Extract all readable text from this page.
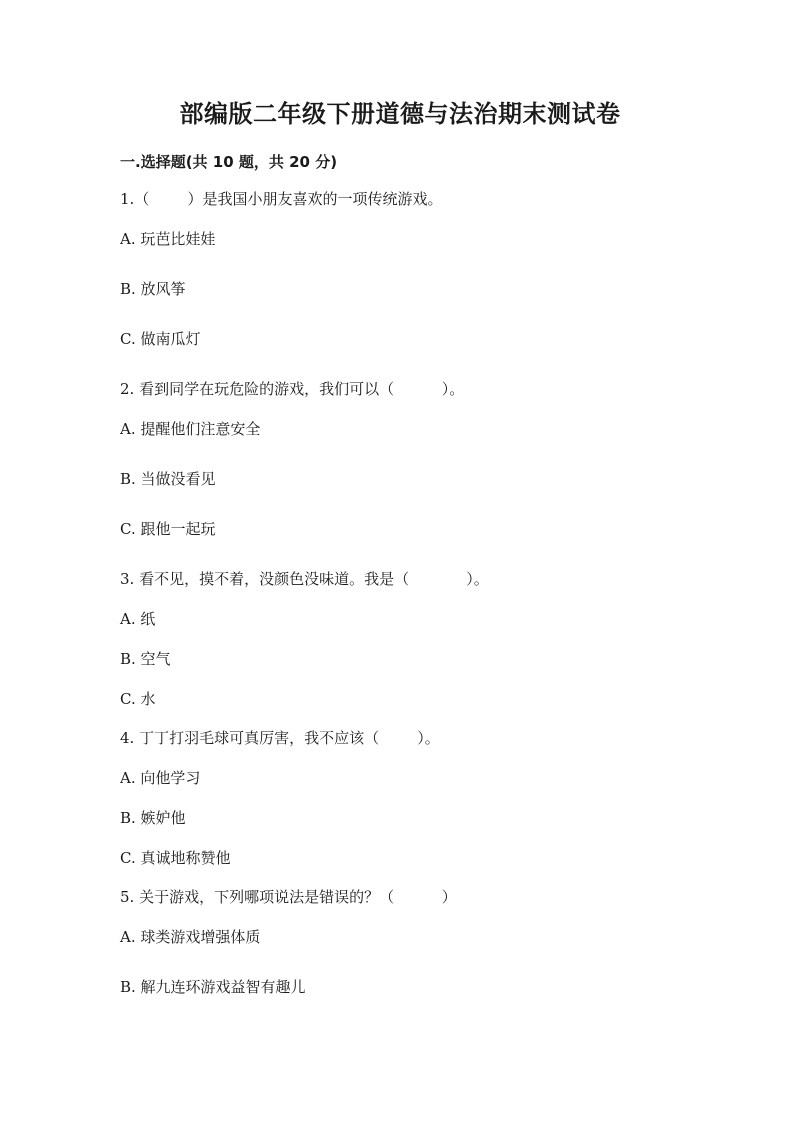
部编版二年级下册道德与法治期末测试卷
一.选择题(共 10 题，共 20 分)
1.（        ）是我国小朋友喜欢的一项传统游戏。
A. 玩芭比娃娃
B. 放风筝
C. 做南瓜灯
2. 看到同学在玩危险的游戏，我们可以（          ）。
A. 提醒他们注意安全
B. 当做没看见
C. 跟他一起玩
3. 看不见，摸不着，没颜色没味道。我是（            ）。
A. 纸
B. 空气
C. 水
4. 丁丁打羽毛球可真厉害，我不应该（        ）。
A. 向他学习
B. 嫉妒他
C. 真诚地称赞他
5. 关于游戏，下列哪项说法是错误的？（          ）
A. 球类游戏增强体质
B. 解九连环游戏益智有趣儿
